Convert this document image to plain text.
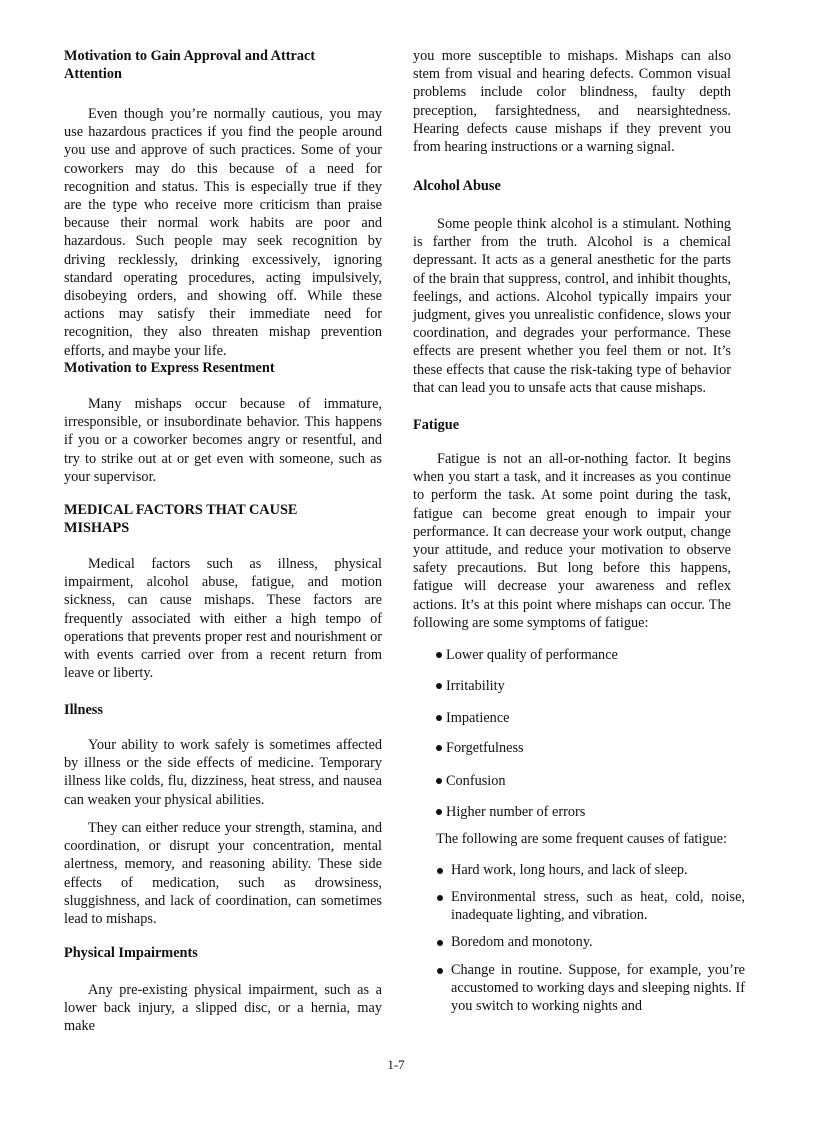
Motivation to Gain Approval and Attract Attention

Even though you’re normally cautious, you may use hazardous practices if you find the people around you use and approve of such practices. Some of your coworkers may do this because of a need for recognition and status. This is especially true if they are the type who receive more criticism than praise because their normal work habits are poor and hazardous. Such people may seek recognition by driving recklessly, drinking excessively, ignoring standard operating procedures, acting impulsively, disobeying orders, and showing off. While these actions may satisfy their immediate need for recognition, they also threaten mishap prevention efforts, and maybe your life.

Motivation to Express Resentment

Many mishaps occur because of immature, irresponsible, or insubordinate behavior. This happens if you or a coworker becomes angry or resentful, and try to strike out at or get even with someone, such as your supervisor.

MEDICAL FACTORS THAT CAUSE MISHAPS

Medical factors such as illness, physical impairment, alcohol abuse, fatigue, and motion sickness, can cause mishaps. These factors are frequently associated with either a high tempo of operations that prevents proper rest and nourishment or with events carried over from a recent return from leave or liberty.

Illness

Your ability to work safely is sometimes affected by illness or the side effects of medicine. Temporary illness like colds, flu, dizziness, heat stress, and nausea can weaken your physical abilities.

They can either reduce your strength, stamina, and coordination, or disrupt your concentration, mental alertness, memory, and reasoning ability. These side effects of medication, such as drowsiness, sluggishness, and lack of coordination, can sometimes lead to mishaps.

Physical Impairments

Any pre-existing physical impairment, such as a lower back injury, a slipped disc, or a hernia, may make

you more susceptible to mishaps. Mishaps can also stem from visual and hearing defects. Common visual problems include color blindness, faulty depth preception, farsightedness, and nearsightedness. Hearing defects cause mishaps if they prevent you from hearing instructions or a warning signal.

Alcohol Abuse

Some people think alcohol is a stimulant. Nothing is farther from the truth. Alcohol is a chemical depressant. It acts as a general anesthetic for the parts of the brain that suppress, control, and inhibit thoughts, feelings, and actions. Alcohol typically impairs your judgment, gives you unrealistic confidence, slows your coordination, and degrades your performance. These effects are present whether you feel them or not. It’s these effects that cause the risk-taking type of behavior that can lead you to unsafe acts that cause mishaps.

Fatigue

Fatigue is not an all-or-nothing factor. It begins when you start a task, and it increases as you continue to perform the task. At some point during the task, fatigue can become great enough to impair your performance. It can decrease your work output, change your attitude, and reduce your motivation to observe safety precautions. But long before this happens, fatigue will decrease your awareness and reflex actions. It’s at this point where mishaps can occur. The following are some symptoms of fatigue:

Lower quality of performance
Irritability
Impatience
Forgetfulness
Confusion
Higher number of errors
The following are some frequent causes of fatigue:
Hard work, long hours, and lack of sleep.
Environmental stress, such as heat, cold, noise, inadequate lighting, and vibration.
Boredom and monotony.
Change in routine. Suppose, for example, you’re accustomed to working days and sleeping nights. If you switch to working nights and
1-7
